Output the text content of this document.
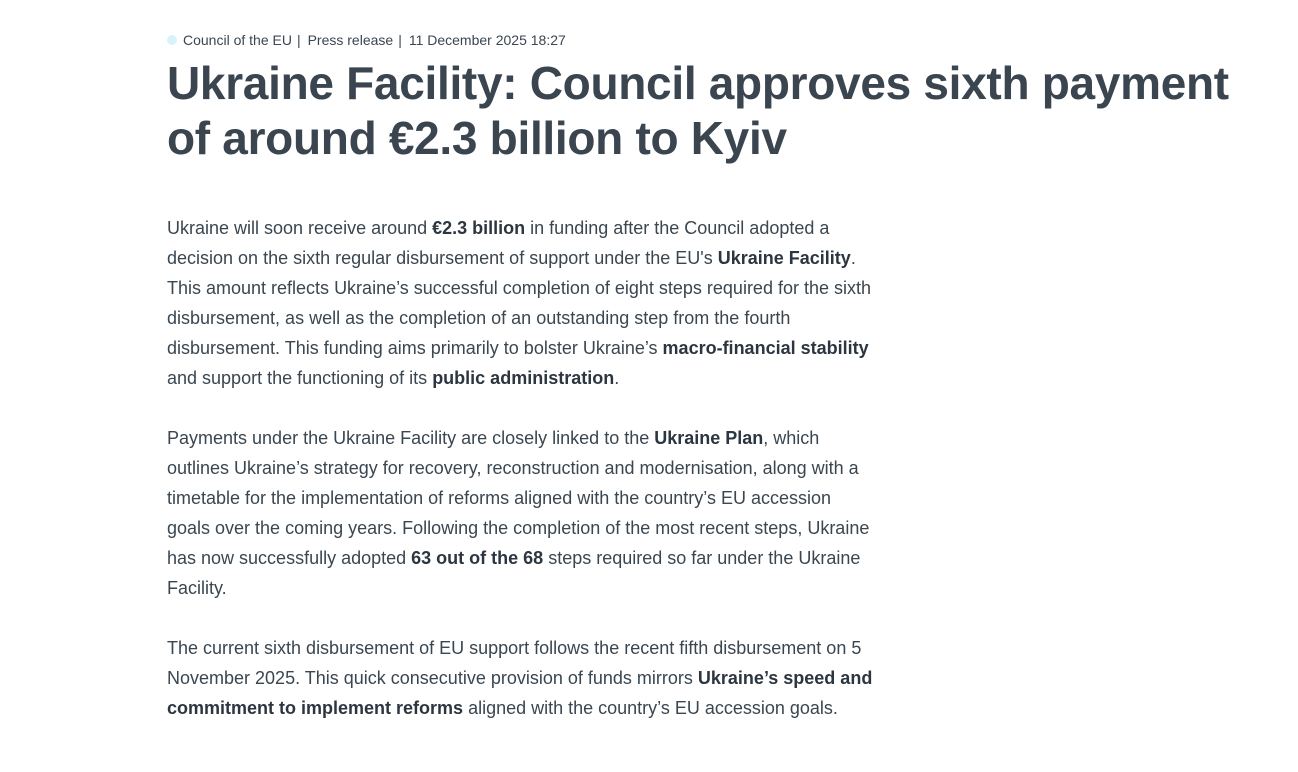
Council of the EU | Press release | 11 December 2025 18:27
Ukraine Facility: Council approves sixth payment of around €2.3 billion to Kyiv

Ukraine will soon receive around €2.3 billion in funding after the Council adopted a decision on the sixth regular disbursement of support under the EU's Ukraine Facility. This amount reflects Ukraine’s successful completion of eight steps required for the sixth disbursement, as well as the completion of an outstanding step from the fourth disbursement. This funding aims primarily to bolster Ukraine’s macro-financial stability and support the functioning of its public administration.

Payments under the Ukraine Facility are closely linked to the Ukraine Plan, which outlines Ukraine’s strategy for recovery, reconstruction and modernisation, along with a timetable for the implementation of reforms aligned with the country’s EU accession goals over the coming years. Following the completion of the most recent steps, Ukraine has now successfully adopted 63 out of the 68 steps required so far under the Ukraine Facility.

The current sixth disbursement of EU support follows the recent fifth disbursement on 5 November 2025. This quick consecutive provision of funds mirrors Ukraine’s speed and commitment to implement reforms aligned with the country’s EU accession goals.
